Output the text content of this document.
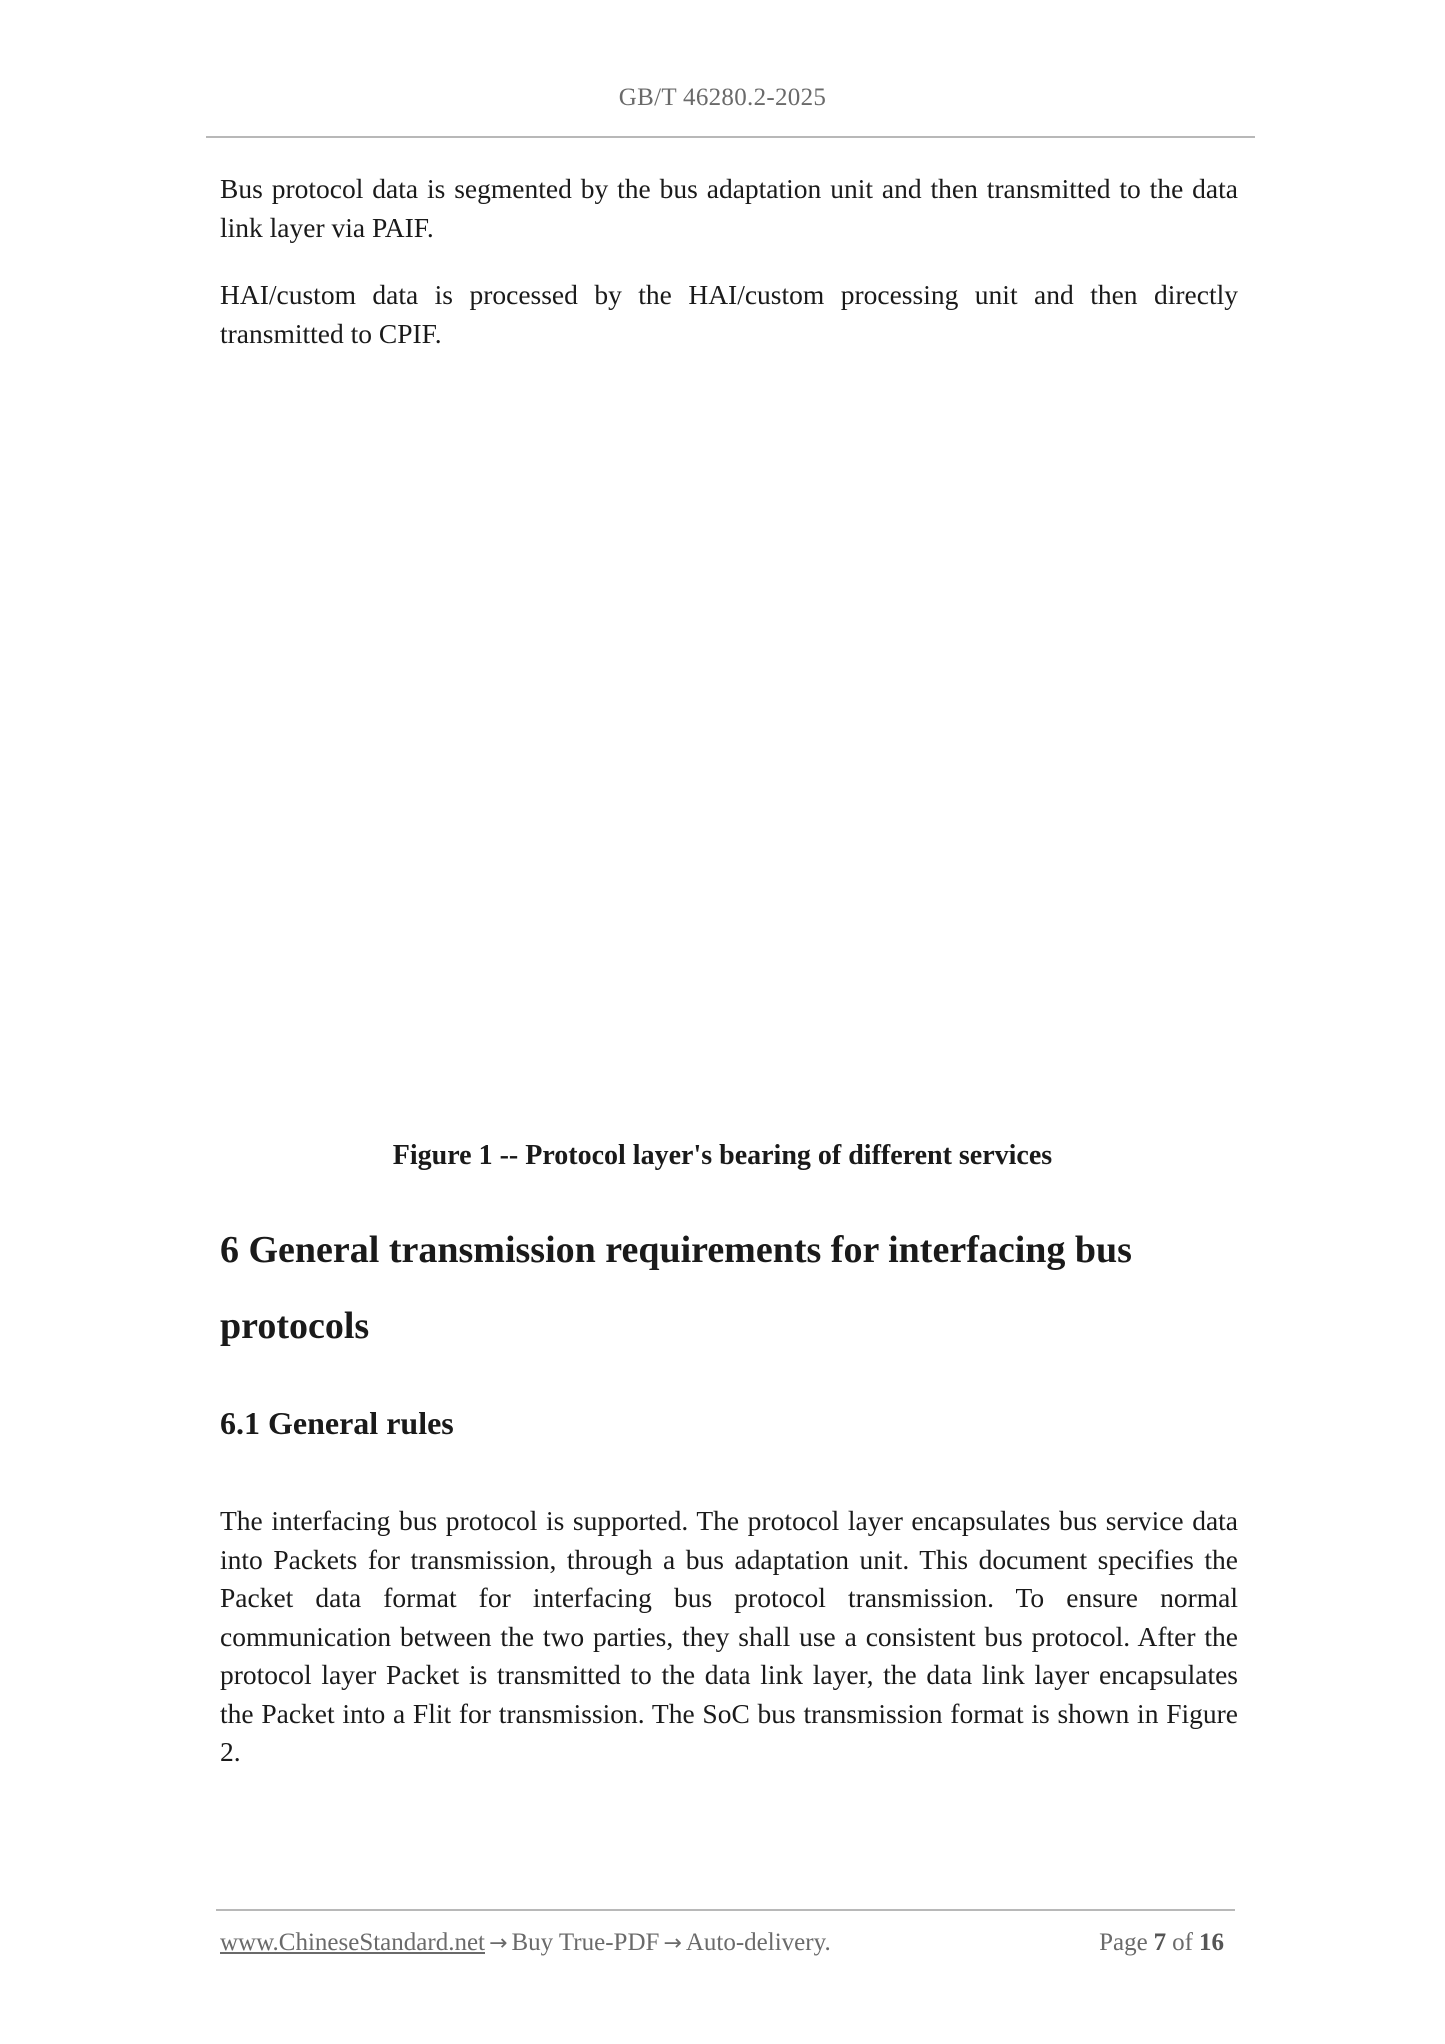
GB/T 46280.2-2025

Bus protocol data is segmented by the bus adaptation unit and then transmitted to the data link layer via PAIF.

HAI/custom data is processed by the HAI/custom processing unit and then directly transmitted to CPIF.

Figure 1 -- Protocol layer's bearing of different services
6 General transmission requirements for interfacing bus protocols
6.1 General rules

The interfacing bus protocol is supported. The protocol layer encapsulates bus service data into Packets for transmission, through a bus adaptation unit. This document specifies the Packet data format for interfacing bus protocol transmission. To ensure normal communication between the two parties, they shall use a consistent bus protocol. After the protocol layer Packet is transmitted to the data link layer, the data link layer encapsulates the Packet into a Flit for transmission. The SoC bus transmission format is shown in Figure 2.

www.ChineseStandard.net → Buy True-PDF → Auto-delivery.	Page 7 of 16
